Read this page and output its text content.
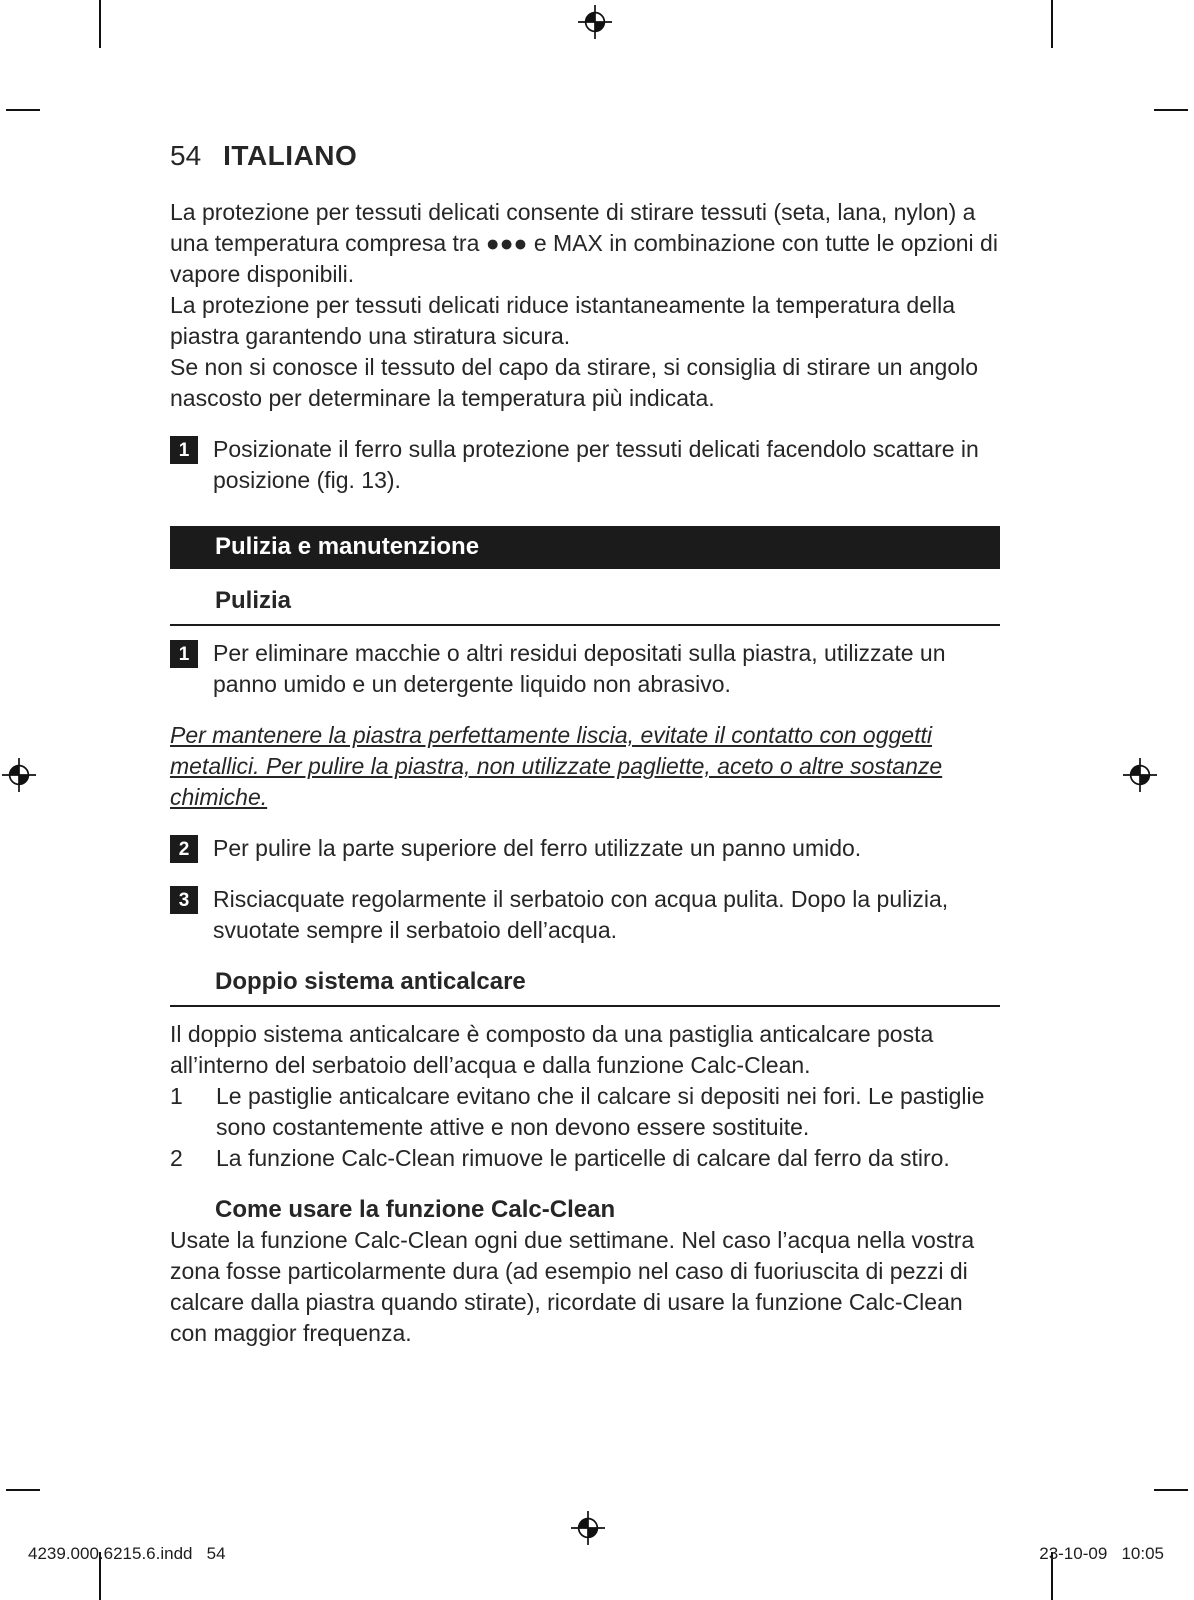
54 ITALIANO

La protezione per tessuti delicati consente di stirare tessuti (seta, lana, nylon) a una temperatura compresa tra ●●● e MAX in combinazione con tutte le opzioni di vapore disponibili.

La protezione per tessuti delicati riduce istantaneamente la temperatura della piastra garantendo una stiratura sicura.

Se non si conosce il tessuto del capo da stirare, si consiglia di stirare un angolo nascosto per determinare la temperatura più indicata.

1	Posizionate il ferro sulla protezione per tessuti delicati facendolo scattare in posizione (fig. 13).
Pulizia e manutenzione
Pulizia
1	Per eliminare macchie o altri residui depositati sulla piastra, utilizzate un panno umido e un detergente liquido non abrasivo.

Per mantenere la piastra perfettamente liscia, evitate il contatto con oggetti metallici. Per pulire la piastra, non utilizzate pagliette, aceto o altre sostanze chimiche.

2	Per pulire la parte superiore del ferro utilizzate un panno umido.
3	Risciacquate regolarmente il serbatoio con acqua pulita. Dopo la pulizia, svuotate sempre il serbatoio dell’acqua.
Doppio sistema anticalcare

Il doppio sistema anticalcare è composto da una pastiglia anticalcare posta all’interno del serbatoio dell’acqua e dalla funzione Calc-Clean.

1	Le pastiglie anticalcare evitano che il calcare si depositi nei fori. Le pastiglie sono costantemente attive e non devono essere sostituite.
2	La funzione Calc-Clean rimuove le particelle di calcare dal ferro da stiro.
Come usare la funzione Calc-Clean

Usate la funzione Calc-Clean ogni due settimane. Nel caso l’acqua nella vostra zona fosse particolarmente dura (ad esempio nel caso di fuoriuscita di pezzi di calcare dalla piastra quando stirate), ricordate di usare la funzione Calc-Clean con maggior frequenza.

4239.000.6215.6.indd   54	23-10-09   10:05
